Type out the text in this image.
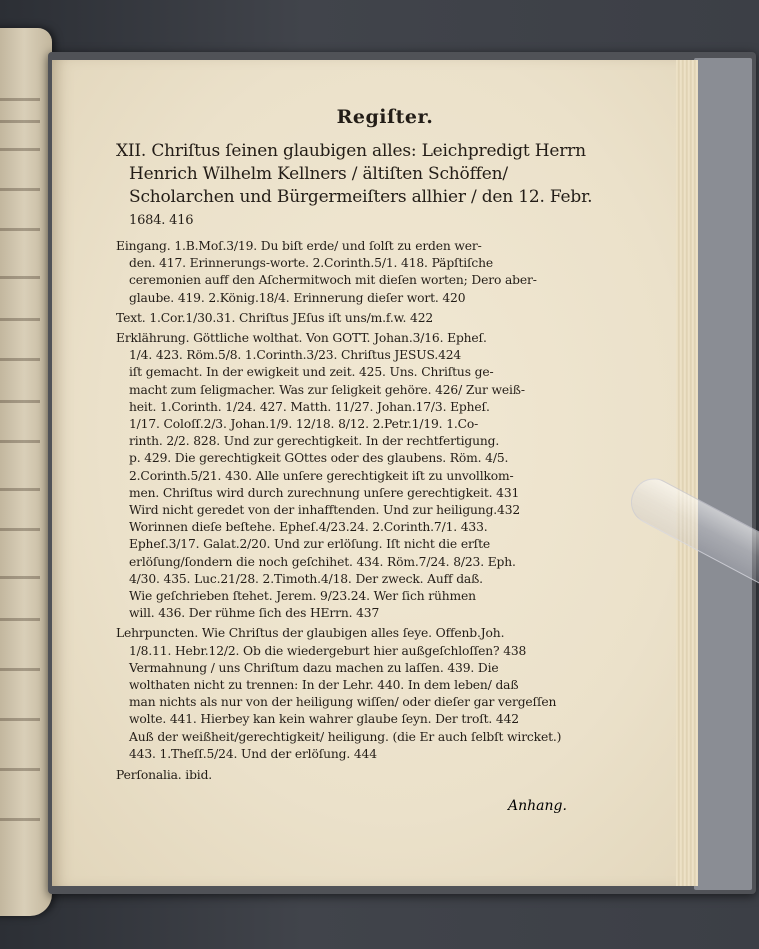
Regiſter.
XII. Chriſtus ſeinen glaubigen alles: Leichpredigt Herrn
Henrich Wilhelm Kellners / ältiſten Schöffen/
Scholarchen und Bürgermeiſters allhier / den 12. Febr.
1684. 416
Eingang. 1.B.Moſ.3/19. Du biſt erde/ und ſolſt zu erden wer-
den. 417. Erinnerungs-worte. 2.Corinth.5/1. 418. Päpſtiſche
ceremonien auff den Aſchermitwoch mit dieſen worten; Dero aber-
glaube. 419. 2.König.18/4. Erinnerung dieſer wort. 420
Text. 1.Cor.1/30.31. Chriſtus JEſus iſt uns/m.f.w. 422
Erklährung. Göttliche wolthat. Von GOTT. Johan.3/16. Epheſ.
1/4. 423. Röm.5/8. 1.Corinth.3/23. Chriſtus JESUS.424
iſt gemacht. In der ewigkeit und zeit. 425. Uns. Chriſtus ge-
macht zum ſeligmacher. Was zur ſeligkeit gehöre. 426/ Zur weiß-
heit. 1.Corinth. 1/24. 427. Matth. 11/27. Johan.17/3. Epheſ.
1/17. Coloſſ.2/3. Johan.1/9. 12/18. 8/12. 2.Petr.1/19. 1.Co-
rinth. 2/2. 828. Und zur gerechtigkeit. In der rechtfertigung.
p. 429. Die gerechtigkeit GOttes oder des glaubens. Röm. 4/5.
2.Corinth.5/21. 430. Alle unſere gerechtigkeit iſt zu unvollkom-
men. Chriſtus wird durch zurechnung unſere gerechtigkeit. 431
Wird nicht geredet von der inhafftenden. Und zur heiligung.432
Worinnen dieſe beſtehe. Epheſ.4/23.24. 2.Corinth.7/1. 433.
Epheſ.3/17. Galat.2/20. Und zur erlöſung. Iſt nicht die erſte
erlöſung/ſondern die noch geſchihet. 434. Röm.7/24. 8/23. Eph.
4/30. 435. Luc.21/28. 2.Timoth.4/18. Der zweck. Auff daß.
Wie geſchrieben ſtehet. Jerem. 9/23.24. Wer ſich rühmen
will. 436. Der rühme ſich des HErrn. 437
Lehrpuncten. Wie Chriſtus der glaubigen alles ſeye. Offenb.Joh.
1/8.11. Hebr.12/2. Ob die wiedergeburt hier außgeſchloſſen? 438
Vermahnung / uns Chriſtum dazu machen zu laſſen. 439. Die
wolthaten nicht zu trennen: In der Lehr. 440. In dem leben/ daß
man nichts als nur von der heiligung wiſſen/ oder dieſer gar vergeſſen
wolte. 441. Hierbey kan kein wahrer glaube ſeyn. Der troſt. 442
Auß der weißheit/gerechtigkeit/ heiligung. (die Er auch ſelbſt wircket.)
443. 1.Theſſ.5/24. Und der erlöſung. 444
Perſonalia. ibid.
Anhang.
